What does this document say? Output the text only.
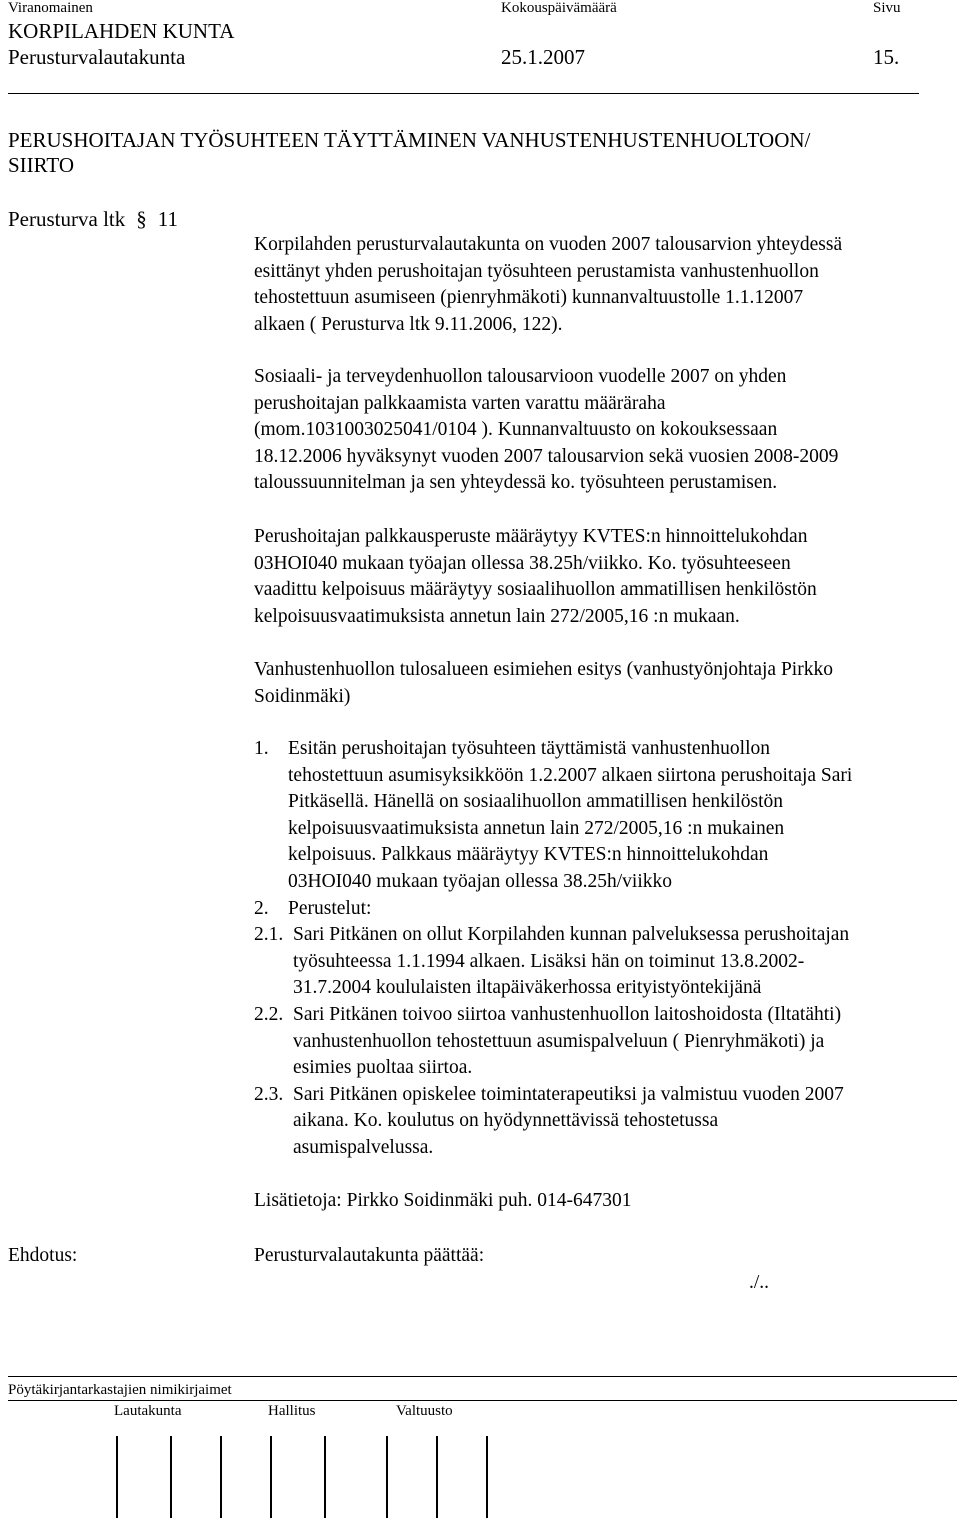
Viranomainen	Kokouspäivämäärä	Sivu
KORPILAHDEN KUNTA
Perusturvalautakunta	25.1.2007	15.
PERUSHOITAJAN TYÖSUHTEEN TÄYTTÄMINEN VANHUSTENHUSTENHUOLTOON/
SIIRTO
Perusturva ltk § 11
Korpilahden perusturvalautakunta on vuoden 2007 talousarvion yhteydessä
esittänyt yhden perushoitajan työsuhteen perustamista vanhustenhuollon
tehostettuun asumiseen (pienryhmäkoti) kunnanvaltuustolle 1.1.12007
alkaen ( Perusturva ltk 9.11.2006, 122).
Sosiaali- ja terveydenhuollon talousarvioon vuodelle 2007 on yhden
perushoitajan palkkaamista varten varattu määräraha
(mom.1031003025041/0104 ). Kunnanvaltuusto on kokouksessaan
18.12.2006 hyväksynyt vuoden 2007 talousarvion sekä vuosien 2008-2009
taloussuunnitelman ja sen yhteydessä ko. työsuhteen perustamisen.
Perushoitajan palkkausperuste määräytyy KVTES:n hinnoittelukohdan
03HOI040 mukaan työajan ollessa 38.25h/viikko. Ko. työsuhteeseen
vaadittu kelpoisuus määräytyy sosiaalihuollon ammatillisen henkilöstön
kelpoisuusvaatimuksista annetun lain 272/2005,16 :n mukaan.
Vanhustenhuollon tulosalueen esimiehen esitys (vanhustyönjohtaja Pirkko
Soidinmäki)
1. Esitän perushoitajan työsuhteen täyttämistä vanhustenhuollon
tehostettuun asumisyksikköön 1.2.2007 alkaen siirtona perushoitaja Sari
Pitkäsellä. Hänellä on sosiaalihuollon ammatillisen henkilöstön
kelpoisuusvaatimuksista annetun lain 272/2005,16 :n mukainen
kelpoisuus. Palkkaus määräytyy KVTES:n hinnoittelukohdan
03HOI040 mukaan työajan ollessa 38.25h/viikko
2. Perustelut:
2.1. Sari Pitkänen on ollut Korpilahden kunnan palveluksessa perushoitajan
työsuhteessa 1.1.1994 alkaen. Lisäksi hän on toiminut 13.8.2002-
31.7.2004 koululaisten iltapäiväkerhossa erityistyöntekijänä
2.2. Sari Pitkänen toivoo siirtoa vanhustenhuollon laitoshoidosta (Iltatähti)
vanhustenhuollon tehostettuun asumispalveluun ( Pienryhmäkoti) ja
esimies puoltaa siirtoa.
2.3. Sari Pitkänen opiskelee toimintaterapeutiksi ja valmistuu vuoden 2007
aikana. Ko. koulutus on hyödynnettävissä tehostetussa
asumispalvelussa.
Lisätietoja: Pirkko Soidinmäki puh. 014-647301
Ehdotus:	Perusturvalautakunta päättää:
./..
Pöytäkirjantarkastajien nimikirjaimet
Lautakunta	Hallitus	Valtuusto
